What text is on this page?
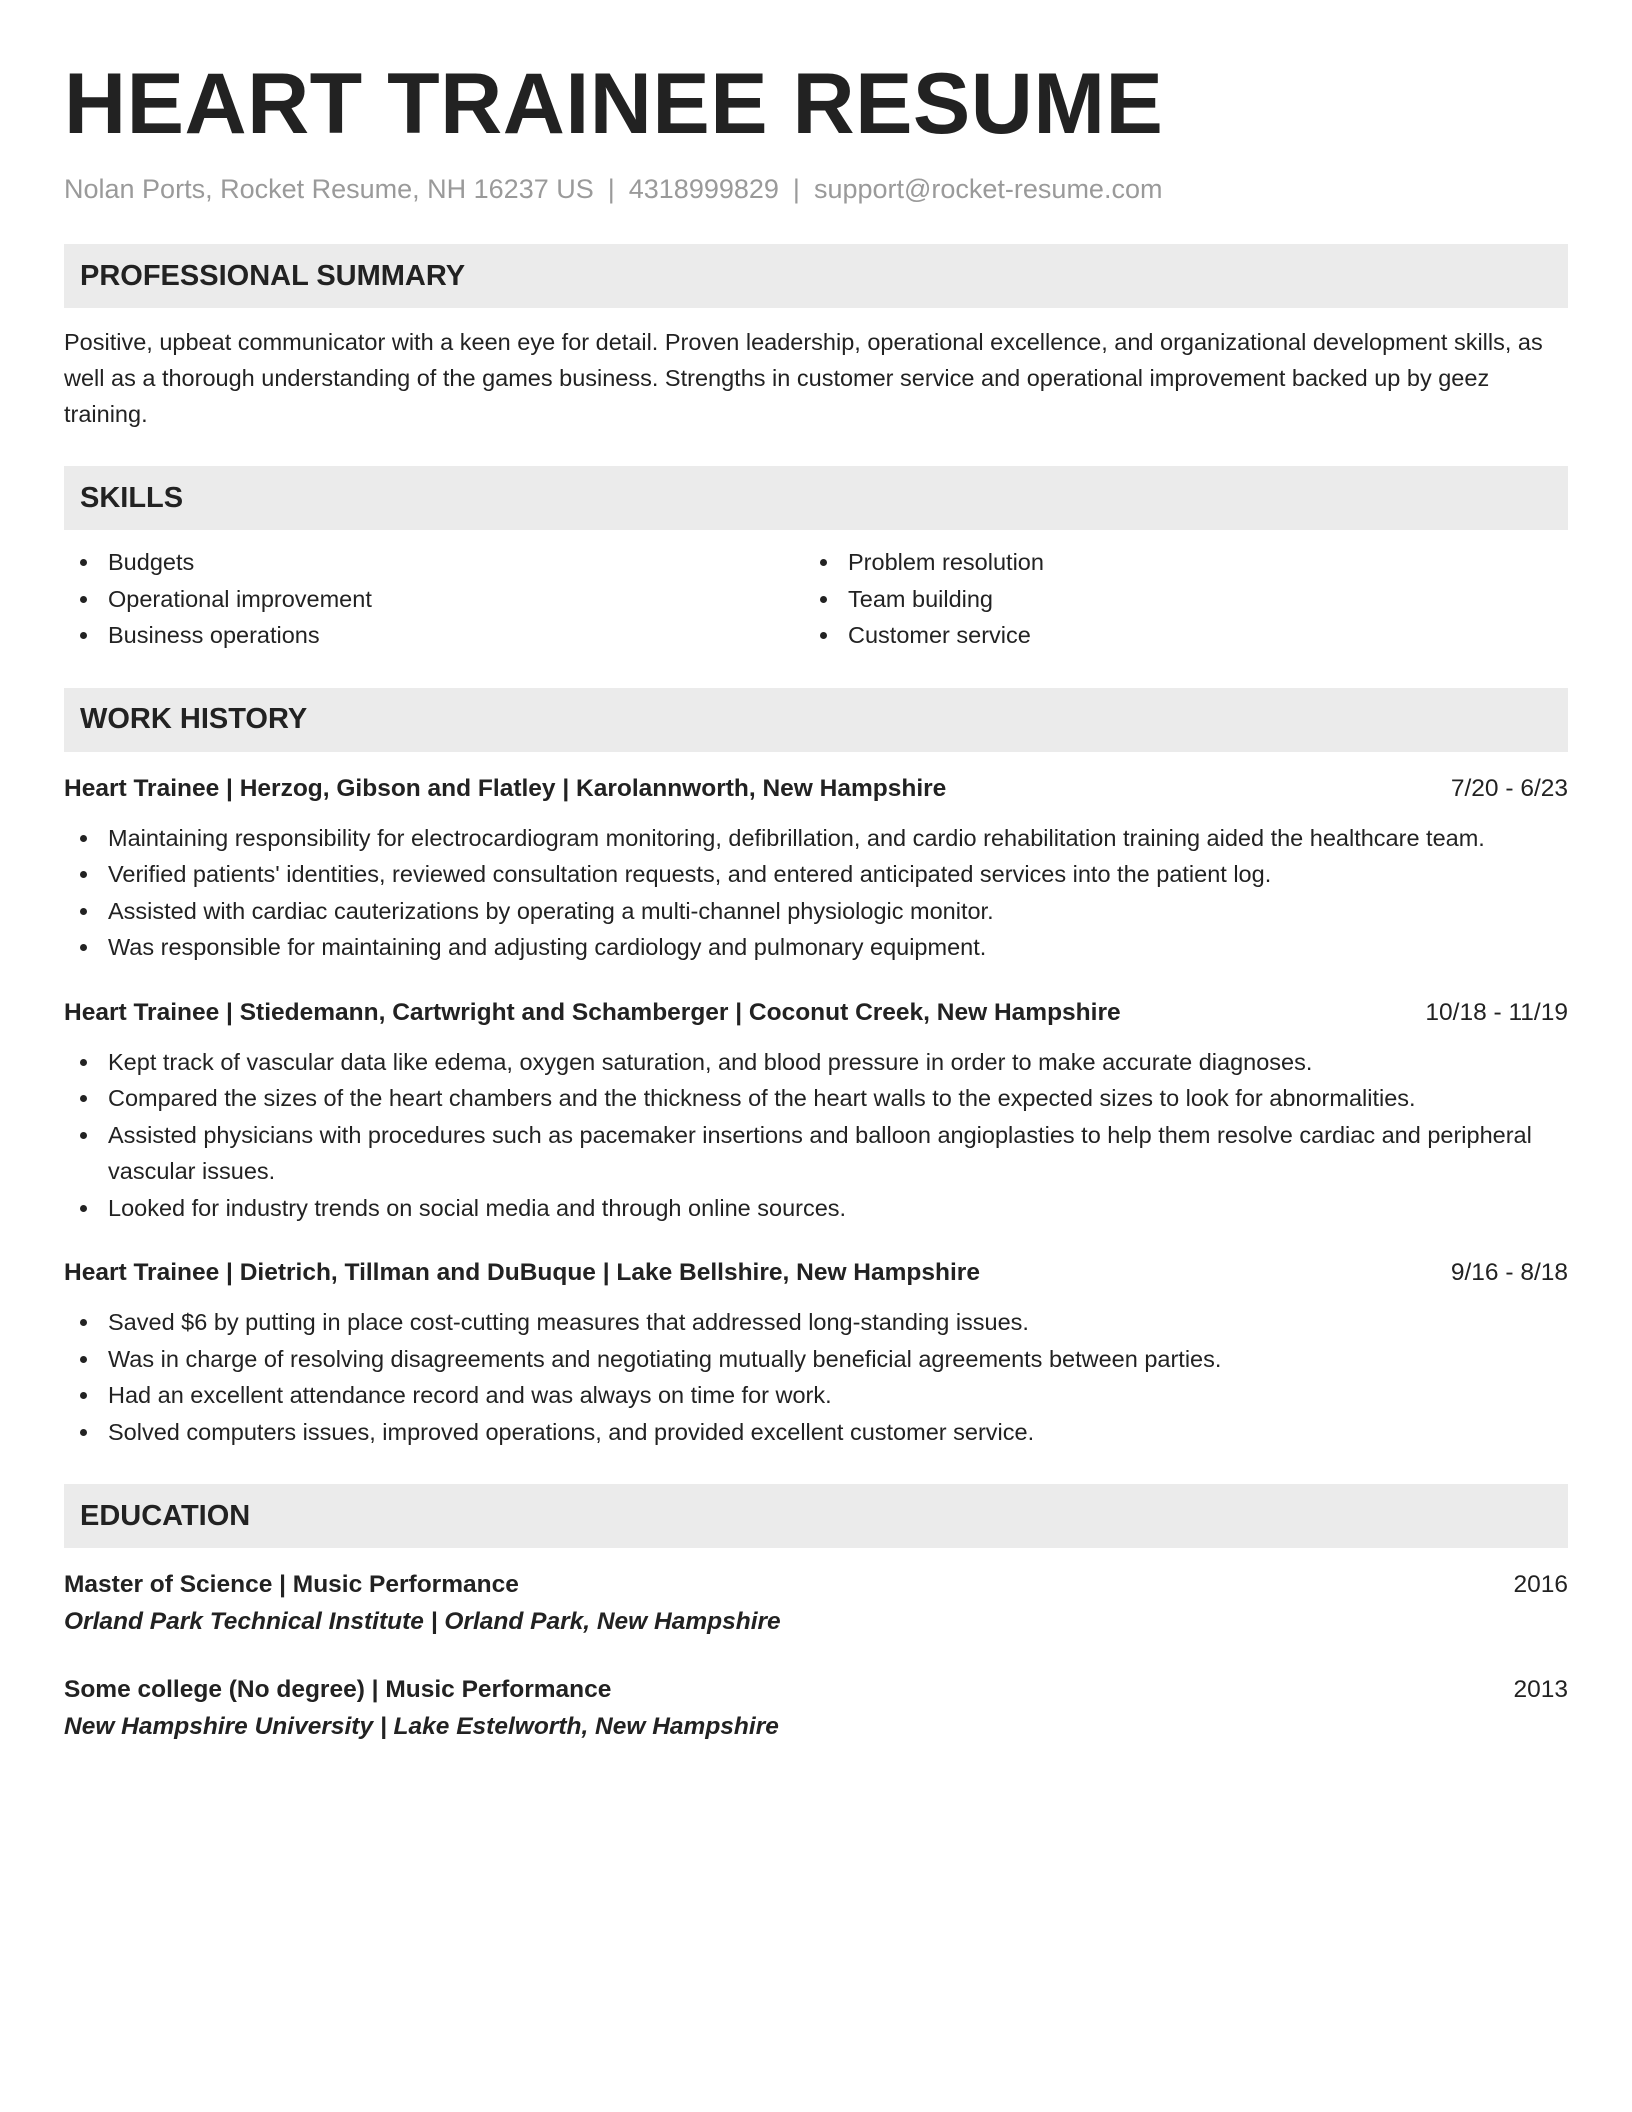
HEART TRAINEE RESUME
Nolan Ports, Rocket Resume, NH 16237 US | 4318999829 | support@rocket-resume.com
PROFESSIONAL SUMMARY

Positive, upbeat communicator with a keen eye for detail. Proven leadership, operational excellence, and organizational development skills, as well as a thorough understanding of the games business. Strengths in customer service and operational improvement backed up by geez training.

SKILLS
Budgets
Operational improvement
Business operations
Problem resolution
Team building
Customer service
WORK HISTORY
Heart Trainee | Herzog, Gibson and Flatley | Karolannworth, New Hampshire	7/20 - 6/23
Maintaining responsibility for electrocardiogram monitoring, defibrillation, and cardio rehabilitation training aided the healthcare team.
Verified patients' identities, reviewed consultation requests, and entered anticipated services into the patient log.
Assisted with cardiac cauterizations by operating a multi-channel physiologic monitor.
Was responsible for maintaining and adjusting cardiology and pulmonary equipment.
Heart Trainee | Stiedemann, Cartwright and Schamberger | Coconut Creek, New Hampshire	10/18 - 11/19
Kept track of vascular data like edema, oxygen saturation, and blood pressure in order to make accurate diagnoses.
Compared the sizes of the heart chambers and the thickness of the heart walls to the expected sizes to look for abnormalities.
Assisted physicians with procedures such as pacemaker insertions and balloon angioplasties to help them resolve cardiac and peripheral vascular issues.
Looked for industry trends on social media and through online sources.
Heart Trainee | Dietrich, Tillman and DuBuque | Lake Bellshire, New Hampshire	9/16 - 8/18
Saved $6 by putting in place cost-cutting measures that addressed long-standing issues.
Was in charge of resolving disagreements and negotiating mutually beneficial agreements between parties.
Had an excellent attendance record and was always on time for work.
Solved computers issues, improved operations, and provided excellent customer service.
EDUCATION
Master of Science | Music Performance	2016
Orland Park Technical Institute | Orland Park, New Hampshire
Some college (No degree) | Music Performance	2013
New Hampshire University | Lake Estelworth, New Hampshire
